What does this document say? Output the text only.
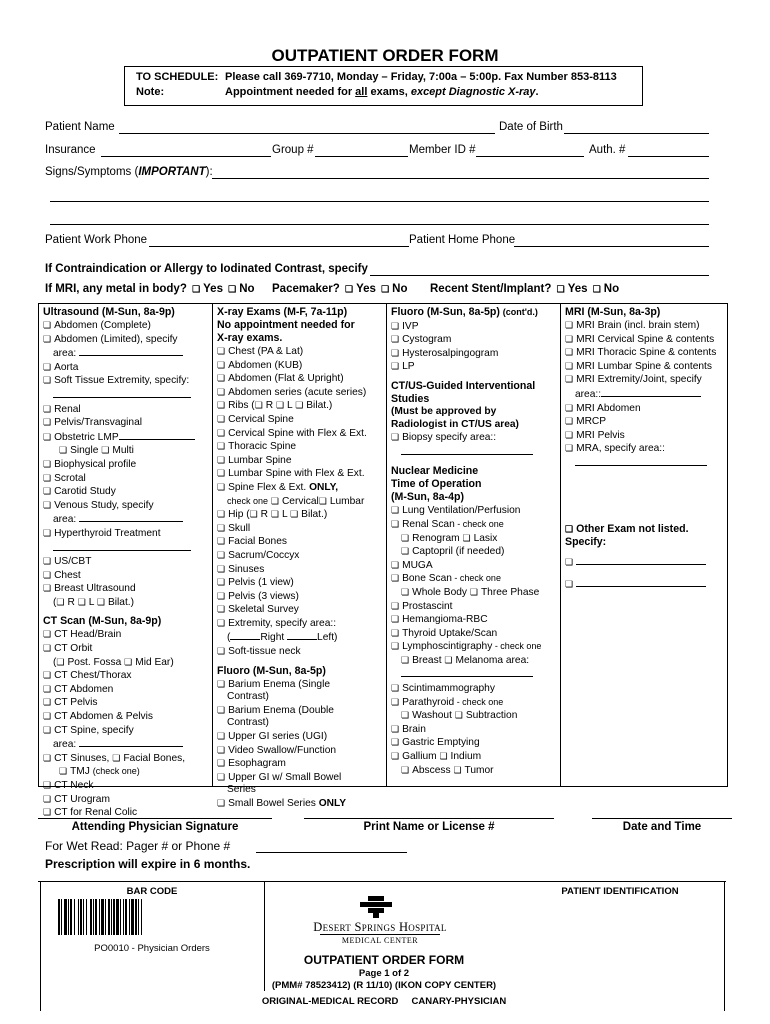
OUTPATIENT ORDER FORM
TO SCHEDULE: Please call 369-7710, Monday – Friday, 7:00a – 5:00p. Fax Number 853-8113
Note:	Appointment needed for all exams, except Diagnostic X-ray.
Patient Name	Date of Birth
Insurance	Group #	Member ID #	Auth. #
Signs/Symptoms (IMPORTANT):
Patient Work Phone	Patient Home Phone
If Contraindication or Allergy to Iodinated Contrast, specify
If MRI, any metal in body? ❏ Yes ❏ No Pacemaker? ❏ Yes ❏ No Recent Stent/Implant? ❏ Yes ❏ No
Ultrasound (M-Sun, 8a-9p)
❏ Abdomen (Complete)
❏ Abdomen (Limited), specify
area:
❏ Aorta
❏ Soft Tissue Extremity, specify:
❏ Renal
❏ Pelvis/Transvaginal
❏ Obstetric LMP
❏ Single ❏ Multi
❏ Biophysical profile
❏ Scrotal
❏ Carotid Study
❏ Venous Study, specify
area:
❏ Hyperthyroid Treatment
❏ US/CBT
❏ Chest
❏ Breast Ultrasound
( ❏ R ❏ L ❏ Bilat.)
CT Scan (M-Sun, 8a-9p)
❏ CT Head/Brain
❏ CT Orbit
( ❏ Post. Fossa ❏ Mid Ear)
❏ CT Chest/Thorax
❏ CT Abdomen
❏ CT Pelvis
❏ CT Abdomen & Pelvis
❏ CT Spine, specify
area:
❏ CT Sinuses, ❏ Facial Bones,
❏ TMJ (check one)
❏ CT Neck
❏ CT Urogram
❏ CT for Renal Colic
X-ray Exams (M-F, 7a-11p)
No appointment needed for
X-ray exams.
❏ Chest (PA & Lat)
❏ Abdomen (KUB)
❏ Abdomen (Flat & Upright)
❏ Abdomen series (acute series)
❏ Ribs ( ❏ R ❏ L ❏ Bilat.)
❏ Cervical Spine
❏ Cervical Spine with Flex & Ext.
❏ Thoracic Spine
❏ Lumbar Spine
❏ Lumbar Spine with Flex & Ext.
❏ Spine Flex & Ext. ONLY,
check one ❏ Cervical ❏ Lumbar
❏ Hip ( ❏ R ❏ L ❏ Bilat.)
❏ Skull
❏ Facial Bones
❏ Sacrum/Coccyx
❏ Sinuses
❏ Pelvis (1 view)
❏ Pelvis (3 views)
❏ Skeletal Survey
❏ Extremity, specify area::
(	Right	Left)
❏ Soft-tissue neck
Fluoro (M-Sun, 8a-5p)
❏ Barium Enema (Single
Contrast)
❏ Barium Enema (Double
Contrast)
❏ Upper GI series (UGI)
❏ Video Swallow/Function
❏ Esophagram
❏ Upper GI w/ Small Bowel
Series
❏ Small Bowel Series ONLY
Fluoro (M-Sun, 8a-5p) (cont'd.)
❏ IVP
❏ Cystogram
❏ Hysterosalpingogram
❏ LP
CT/US-Guided Interventional
Studies
(Must be approved by
Radiologist in CT/US area)
❏ Biopsy specify area::
Nuclear Medicine
Time of Operation
(M-Sun, 8a-4p)
❏ Lung Ventilation/Perfusion
❏ Renal Scan - check one
❏ Renogram ❏ Lasix
❏ Captopril (if needed)
❏ MUGA
❏ Bone Scan - check one
❏ Whole Body ❏ Three Phase
❏ Prostascint
❏ Hemangioma-RBC
❏ Thyroid Uptake/Scan
❏ Lymphoscintigraphy - check one
❏ Breast ❏ Melanoma area:
❏ Scintimammography
❏ Parathyroid - check one
❏ Washout ❏ Subtraction
❏ Brain
❏ Gastric Emptying
❏ Gallium ❏ Indium
❏ Abscess ❏ Tumor
MRI (M-Sun, 8a-3p)
❏ MRI Brain (incl. brain stem)
❏ MRI Cervical Spine & contents
❏ MRI Thoracic Spine & contents
❏ MRI Lumbar Spine & contents
❏ MRI Extremity/Joint, specify
area::
❏ MRI Abdomen
❏ MRCP
❏ MRI Pelvis
❏ MRA, specify area::
❏ Other Exam not listed.
Specify:
❏
❏
Attending Physician Signature	Print Name or License #	Date and Time
For Wet Read: Pager # or Phone #
Prescription will expire in 6 months.
BAR CODE
PO0010 - Physician Orders
PATIENT IDENTIFICATION
Desert Springs Hospital
MEDICAL CENTER
OUTPATIENT ORDER FORM
Page 1 of 2
(PMM# 78523412) (R 11/10) (IKON COPY CENTER)
ORIGINAL-MEDICAL RECORD     CANARY-PHYSICIAN
